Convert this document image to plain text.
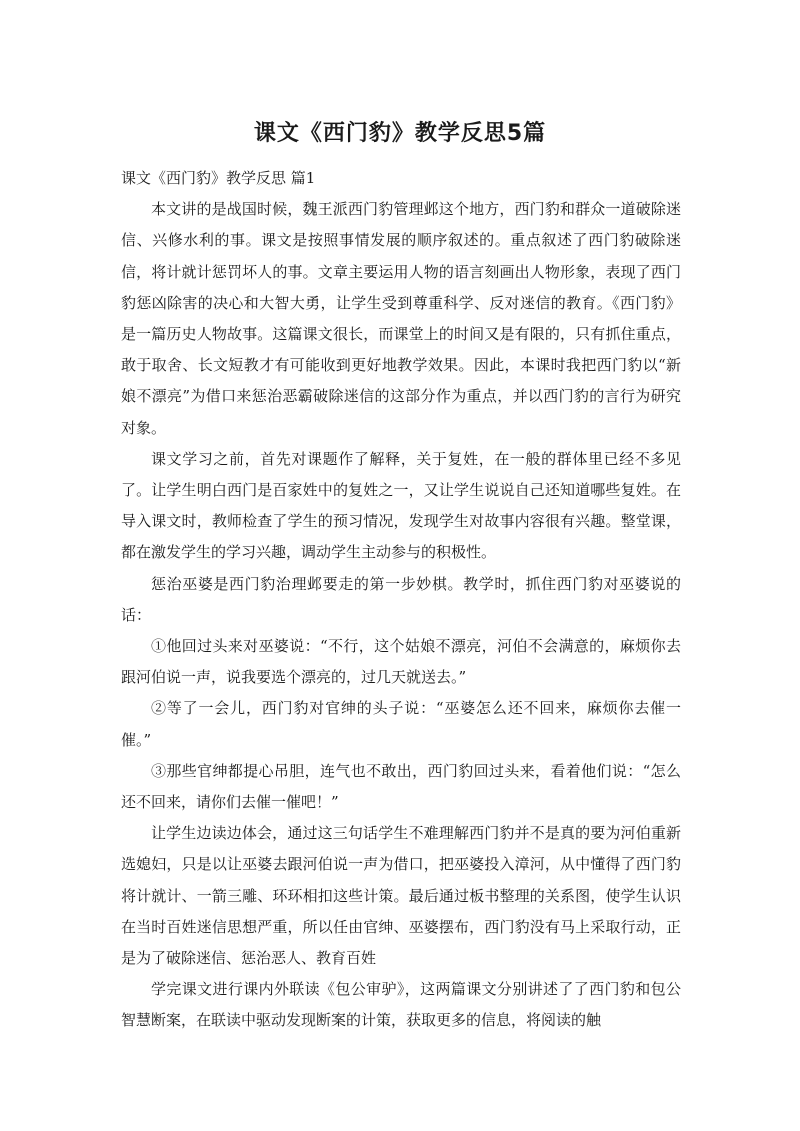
课文《西门豹》教学反思5篇

课文《西门豹》教学反思 篇1

本文讲的是战国时候，魏王派西门豹管理邺这个地方，西门豹和群众一道破除迷信、兴修水利的事。课文是按照事情发展的顺序叙述的。重点叙述了西门豹破除迷信，将计就计惩罚坏人的事。文章主要运用人物的语言刻画出人物形象，表现了西门豹惩凶除害的决心和大智大勇，让学生受到尊重科学、反对迷信的教育。《西门豹》是一篇历史人物故事。这篇课文很长，而课堂上的时间又是有限的，只有抓住重点，敢于取舍、长文短教才有可能收到更好地教学效果。因此，本课时我把西门豹以“新娘不漂亮”为借口来惩治恶霸破除迷信的这部分作为重点，并以西门豹的言行为研究对象。

课文学习之前，首先对课题作了解释，关于复姓，在一般的群体里已经不多见了。让学生明白西门是百家姓中的复姓之一，又让学生说说自己还知道哪些复姓。在导入课文时，教师检查了学生的预习情况，发现学生对故事内容很有兴趣。整堂课，都在激发学生的学习兴趣，调动学生主动参与的积极性。

惩治巫婆是西门豹治理邺要走的第一步妙棋。教学时，抓住西门豹对巫婆说的话：

①他回过头来对巫婆说：“不行，这个姑娘不漂亮，河伯不会满意的，麻烦你去跟河伯说一声，说我要选个漂亮的，过几天就送去。”

②等了一会儿，西门豹对官绅的头子说：“巫婆怎么还不回来，麻烦你去催一催。”

③那些官绅都提心吊胆，连气也不敢出，西门豹回过头来，看着他们说：“怎么还不回来，请你们去催一催吧！”

让学生边读边体会，通过这三句话学生不难理解西门豹并不是真的要为河伯重新选媳妇，只是以让巫婆去跟河伯说一声为借口，把巫婆投入漳河，从中懂得了西门豹将计就计、一箭三雕、环环相扣这些计策。最后通过板书整理的关系图，使学生认识在当时百姓迷信思想严重，所以任由官绅、巫婆摆布，西门豹没有马上采取行动，正是为了破除迷信、惩治恶人、教育百姓

学完课文进行课内外联读《包公审驴》，这两篇课文分别讲述了了西门豹和包公智慧断案，在联读中驱动发现断案的计策，获取更多的信息，将阅读的触
